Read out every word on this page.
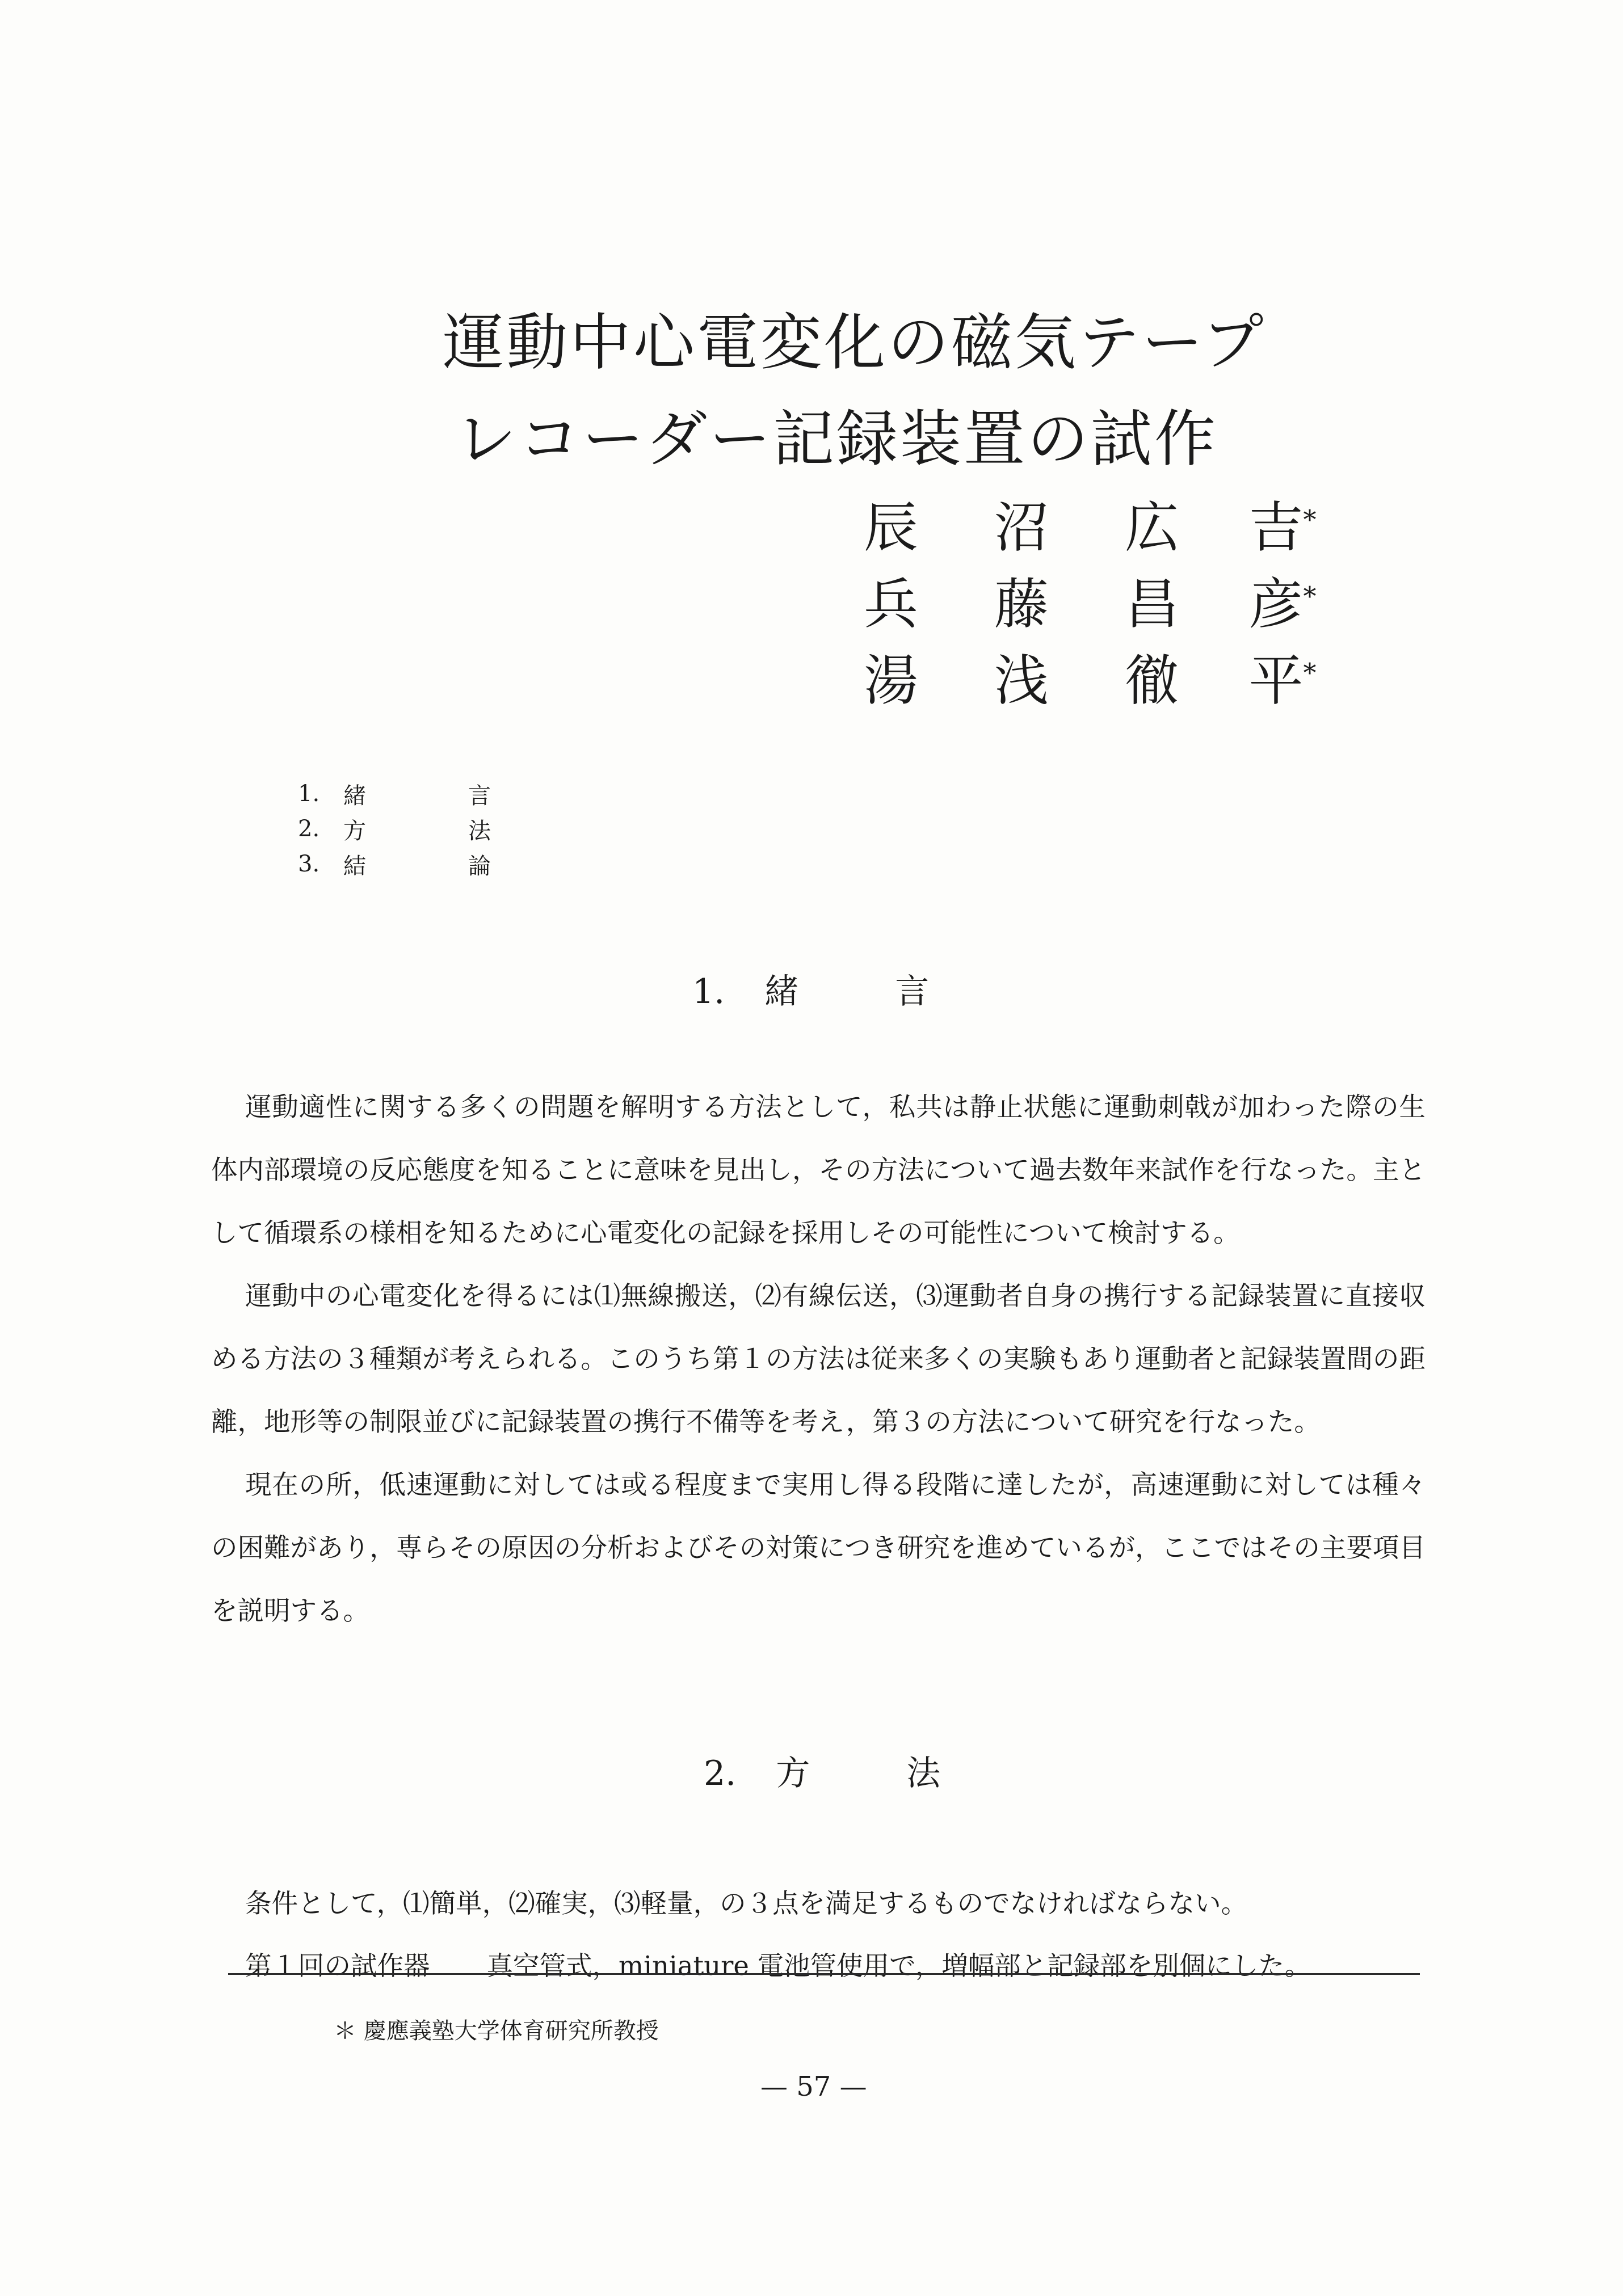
運動中心電変化の磁気テープ
レコーダー記録装置の試作
辰	沼	広	吉*
兵	藤	昌	彦*
湯	浅	徹	平*
1.	緒	言
2.	方	法
3.	結	論
1. 緒	言

運動適性に関する多くの問題を解明する方法として，私共は静止状態に運動刺戟が加わった際の生体内部環境の反応態度を知ることに意味を見出し，その方法について過去数年来試作を行なった。主として循環系の様相を知るために心電変化の記録を採用しその可能性について検討する。

運動中の心電変化を得るには⑴無線搬送，⑵有線伝送，⑶運動者自身の携行する記録装置に直接収める方法の３種類が考えられる。このうち第１の方法は従来多くの実験もあり運動者と記録装置間の距離，地形等の制限並びに記録装置の携行不備等を考え，第３の方法について研究を行なった。

現在の所，低速運動に対しては或る程度まで実用し得る段階に達したが，高速運動に対しては種々の困難があり，専らその原因の分析およびその対策につき研究を進めているが，ここではその主要項目を説明する。

2. 方	法

条件として，⑴簡単，⑵確実，⑶軽量，の３点を満足するものでなければならない。

第１回の試作器 真空管式，miniature 電池管使用で，増幅部と記録部を別個にした。

＊ 慶應義塾大学体育研究所教授
— 57 —
